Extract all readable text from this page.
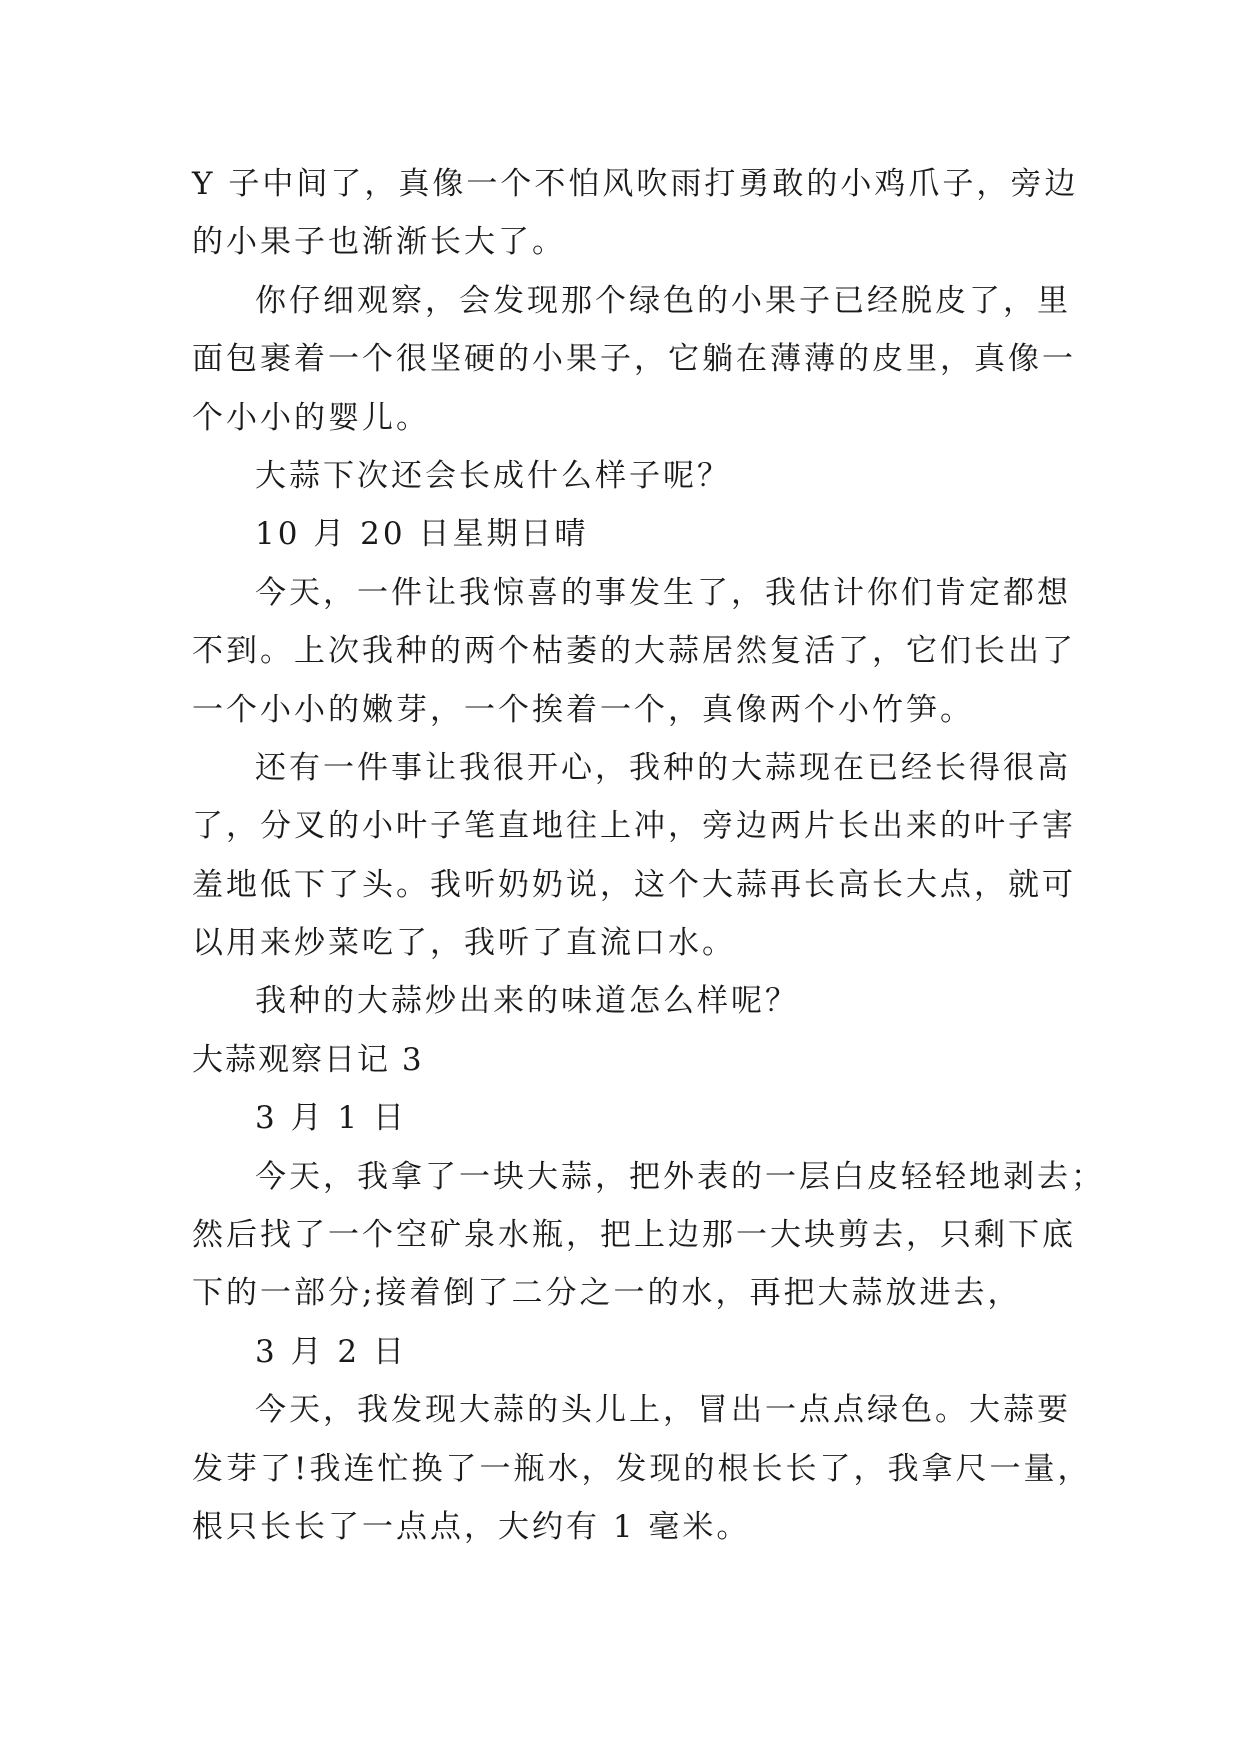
Y 子中间了，真像一个不怕风吹雨打勇敢的小鸡爪子，旁边
的小果子也渐渐长大了。
你仔细观察，会发现那个绿色的小果子已经脱皮了，里
面包裹着一个很坚硬的小果子，它躺在薄薄的皮里，真像一
个小小的婴儿。
大蒜下次还会长成什么样子呢？
10 月 20 日星期日晴
今天，一件让我惊喜的事发生了，我估计你们肯定都想
不到。上次我种的两个枯萎的大蒜居然复活了，它们长出了
一个小小的嫩芽，一个挨着一个，真像两个小竹笋。
还有一件事让我很开心，我种的大蒜现在已经长得很高
了，分叉的小叶子笔直地往上冲，旁边两片长出来的叶子害
羞地低下了头。我听奶奶说，这个大蒜再长高长大点，就可
以用来炒菜吃了，我听了直流口水。
我种的大蒜炒出来的味道怎么样呢？
大蒜观察日记 3
3 月 1 日
今天，我拿了一块大蒜，把外表的一层白皮轻轻地剥去；
然后找了一个空矿泉水瓶，把上边那一大块剪去，只剩下底
下的一部分;接着倒了二分之一的水，再把大蒜放进去，
3 月 2 日
今天，我发现大蒜的头儿上，冒出一点点绿色。大蒜要
发芽了!我连忙换了一瓶水，发现的根长长了，我拿尺一量，
根只长长了一点点，大约有 1 毫米。
